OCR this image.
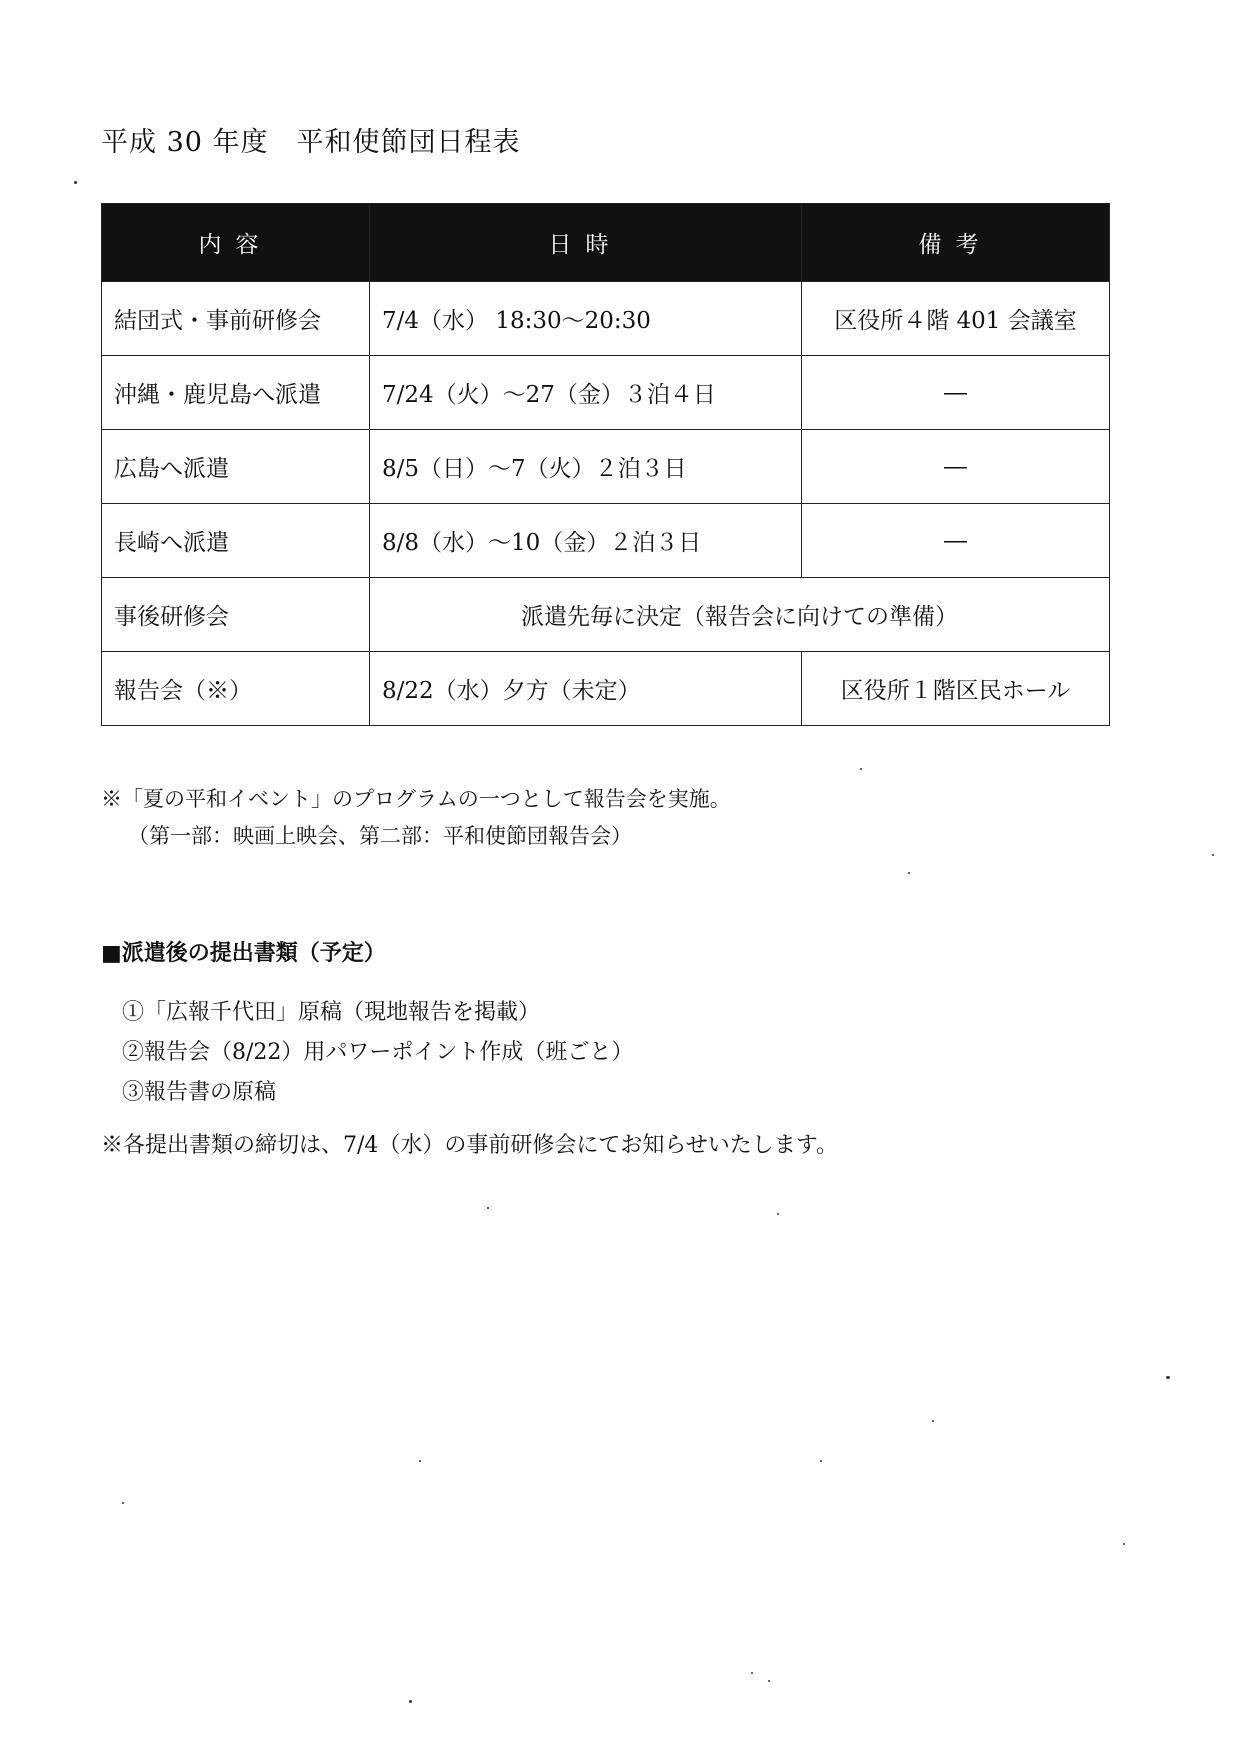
平成 30 年度　平和使節団日程表
内容	日時	備考
結団式・事前研修会	7/4（水） 18:30～20:30	区役所４階 401 会議室
沖縄・鹿児島へ派遣	7/24（火）～27（金）３泊４日	―
広島へ派遣	8/5（日）～7（火）２泊３日	―
長崎へ派遣	8/8（水）～10（金）２泊３日	―
事後研修会	派遣先毎に決定（報告会に向けての準備）	
報告会（※）	8/22（水）夕方（未定）	区役所１階区民ホール
※「夏の平和イベント」のプログラムの一つとして報告会を実施。
（第一部：映画上映会、第二部：平和使節団報告会）
■派遣後の提出書類（予定）
①「広報千代田」原稿（現地報告を掲載）
②報告会（8/22）用パワーポイント作成（班ごと）
③報告書の原稿
※各提出書類の締切は、7/4（水）の事前研修会にてお知らせいたします。
